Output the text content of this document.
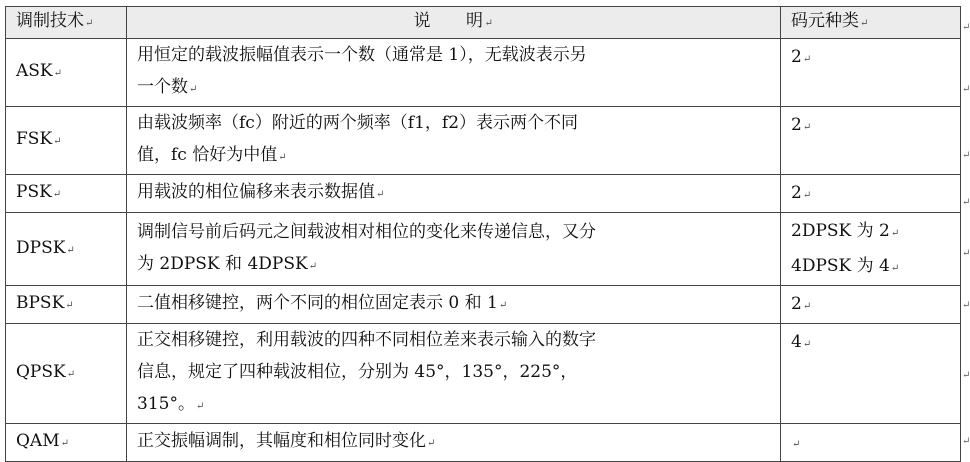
调制技术↵	说　　明↵	码元种类↵
ASK↵	用恒定的载波振幅值表示一个数（通常是 1），无载波表示另
一个数↵	2↵
FSK↵	由载波频率（fc）附近的两个频率（f1，f2）表示两个不同
值，fc 恰好为中值↵	2↵
PSK↵	用载波的相位偏移来表示数据值↵	2↵
DPSK↵	调制信号前后码元之间载波相对相位的变化来传递信息，又分
为 2DPSK 和 4DPSK↵	2DPSK 为 2↵
4DPSK 为 4↵

BPSK↵	二值相移键控，两个不同的相位固定表示 0 和 1↵	2↵
QPSK↵	正交相移键控，利用载波的四种不同相位差来表示输入的数字
信息，规定了四种载波相位，分别为 45°，135°，225°，
315°。↵	4↵
QAM↵	正交振幅调制，其幅度和相位同时变化↵	↵
↵
↵
↵
↵
↵
↵
↵
↵
